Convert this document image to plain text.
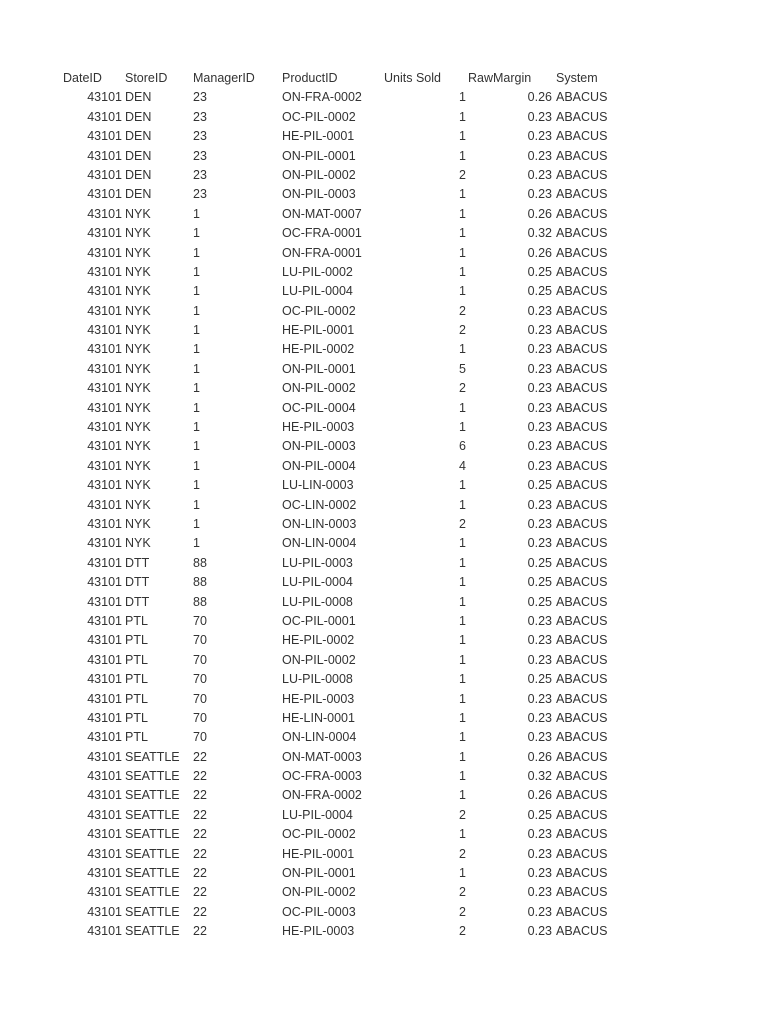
DateID StoreID ManagerID ProductID	Units Sold RawMargin System
43101 DEN	23	ON-FRA-0002	1	0.26 ABACUS
43101 DEN	23	OC-PIL-0002	1	0.23 ABACUS
43101 DEN	23	HE-PIL-0001	1	0.23 ABACUS
43101 DEN	23	ON-PIL-0001	1	0.23 ABACUS
43101 DEN	23	ON-PIL-0002	2	0.23 ABACUS
43101 DEN	23	ON-PIL-0003	1	0.23 ABACUS
43101 NYK	1	ON-MAT-0007	1	0.26 ABACUS
43101 NYK	1	OC-FRA-0001	1	0.32 ABACUS
43101 NYK	1	ON-FRA-0001	1	0.26 ABACUS
43101 NYK	1	LU-PIL-0002	1	0.25 ABACUS
43101 NYK	1	LU-PIL-0004	1	0.25 ABACUS
43101 NYK	1	OC-PIL-0002	2	0.23 ABACUS
43101 NYK	1	HE-PIL-0001	2	0.23 ABACUS
43101 NYK	1	HE-PIL-0002	1	0.23 ABACUS
43101 NYK	1	ON-PIL-0001	5	0.23 ABACUS
43101 NYK	1	ON-PIL-0002	2	0.23 ABACUS
43101 NYK	1	OC-PIL-0004	1	0.23 ABACUS
43101 NYK	1	HE-PIL-0003	1	0.23 ABACUS
43101 NYK	1	ON-PIL-0003	6	0.23 ABACUS
43101 NYK	1	ON-PIL-0004	4	0.23 ABACUS
43101 NYK	1	LU-LIN-0003	1	0.25 ABACUS
43101 NYK	1	OC-LIN-0002	1	0.23 ABACUS
43101 NYK	1	ON-LIN-0003	2	0.23 ABACUS
43101 NYK	1	ON-LIN-0004	1	0.23 ABACUS
43101 DTT	88	LU-PIL-0003	1	0.25 ABACUS
43101 DTT	88	LU-PIL-0004	1	0.25 ABACUS
43101 DTT	88	LU-PIL-0008	1	0.25 ABACUS
43101 PTL	70	OC-PIL-0001	1	0.23 ABACUS
43101 PTL	70	HE-PIL-0002	1	0.23 ABACUS
43101 PTL	70	ON-PIL-0002	1	0.23 ABACUS
43101 PTL	70	LU-PIL-0008	1	0.25 ABACUS
43101 PTL	70	HE-PIL-0003	1	0.23 ABACUS
43101 PTL	70	HE-LIN-0001	1	0.23 ABACUS
43101 PTL	70	ON-LIN-0004	1	0.23 ABACUS
43101 SEATTLE 22	ON-MAT-0003	1	0.26 ABACUS
43101 SEATTLE 22	OC-FRA-0003	1	0.32 ABACUS
43101 SEATTLE 22	ON-FRA-0002	1	0.26 ABACUS
43101 SEATTLE 22	LU-PIL-0004	2	0.25 ABACUS
43101 SEATTLE 22	OC-PIL-0002	1	0.23 ABACUS
43101 SEATTLE 22	HE-PIL-0001	2	0.23 ABACUS
43101 SEATTLE 22	ON-PIL-0001	1	0.23 ABACUS
43101 SEATTLE 22	ON-PIL-0002	2	0.23 ABACUS
43101 SEATTLE 22	OC-PIL-0003	2	0.23 ABACUS
43101 SEATTLE 22	HE-PIL-0003	2	0.23 ABACUS
